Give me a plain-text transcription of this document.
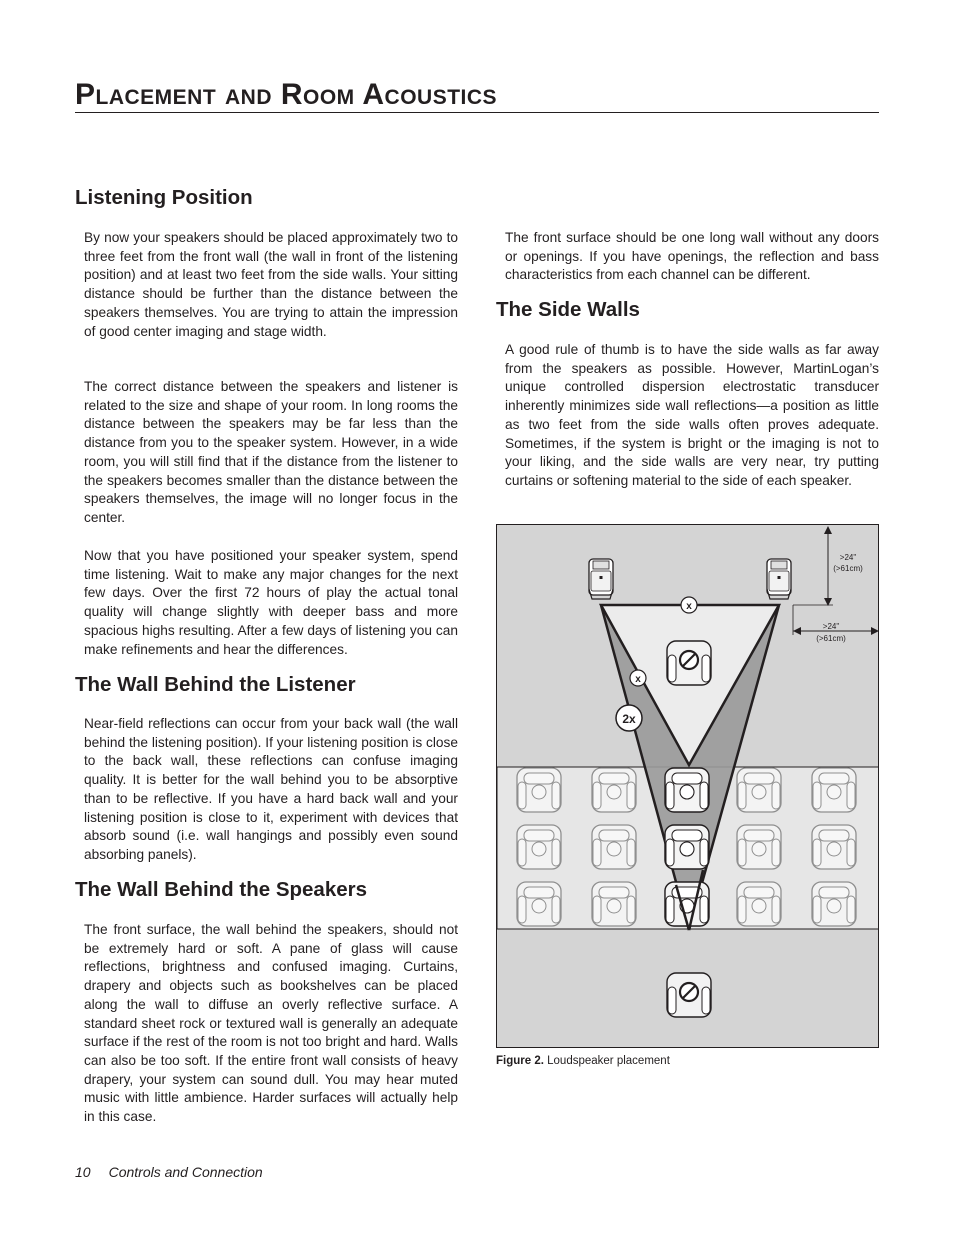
Placement and Room Acoustics
Listening Position

By now your speakers should be placed approximately two to three feet from the front wall (the wall in front of the listening position) and at least two feet from the side walls. Your sitting distance should be further than the distance between the speakers themselves. You are trying to attain the impression of good center imaging and stage width.

The correct distance between the speakers and listener is related to the size and shape of your room. In long rooms the distance between the speakers may be far less than the distance from you to the speaker system. However, in a wide room, you will still find that if the distance from the listener to the speakers becomes smaller than the distance between the speakers themselves, the image will no longer focus in the center.

Now that you have positioned your speaker system, spend time listening. Wait to make any major changes for the next few days. Over the first 72 hours of play the actual tonal quality will change slightly with deeper bass and more spacious highs resulting. After a few days of listening you can make refinements and hear the differences.

The Wall Behind the Listener

Near-field reflections can occur from your back wall (the wall behind the listening position). If your listening position is close to the back wall, these reflections can confuse imaging quality. It is better for the wall behind you to be absorptive than to be reflective. If you have a hard back wall and your listening position is close to it, experiment with devices that absorb sound (i.e. wall hangings and possibly even sound absorbing panels).

The Wall Behind the Speakers

The front surface, the wall behind the speakers, should not be extremely hard or soft. A pane of glass will cause reflections, brightness and confused imaging. Curtains, drapery and objects such as bookshelves can be placed along the wall to diffuse an overly reflective surface. A standard sheet rock or textured wall is generally an adequate surface if the rest of the room is not too bright and hard. Walls can also be too soft. If the entire front wall consists of heavy drapery, your system can sound dull. You may hear muted music with little ambience. Harder surfaces will actually help in this case.

The front surface should be one long wall without any doors or openings. If you have openings, the reflection and bass characteristics from each channel can be different.

The Side Walls

A good rule of thumb is to have the side walls as far away from the speakers as possible. However, MartinLogan’s unique controlled dispersion electrostatic transducer inherently minimizes side wall reflections—a position as little as two feet from the side walls often proves adequate. Sometimes, if the system is bright or the imaging is not to your liking, and the side walls are very near, try putting curtains or softening material to the side of each speaker.

x
x
2x
>24"
(>61cm)
>24"
(>61cm)
Figure 2. Loudspeaker placement
10 Controls and Connection
